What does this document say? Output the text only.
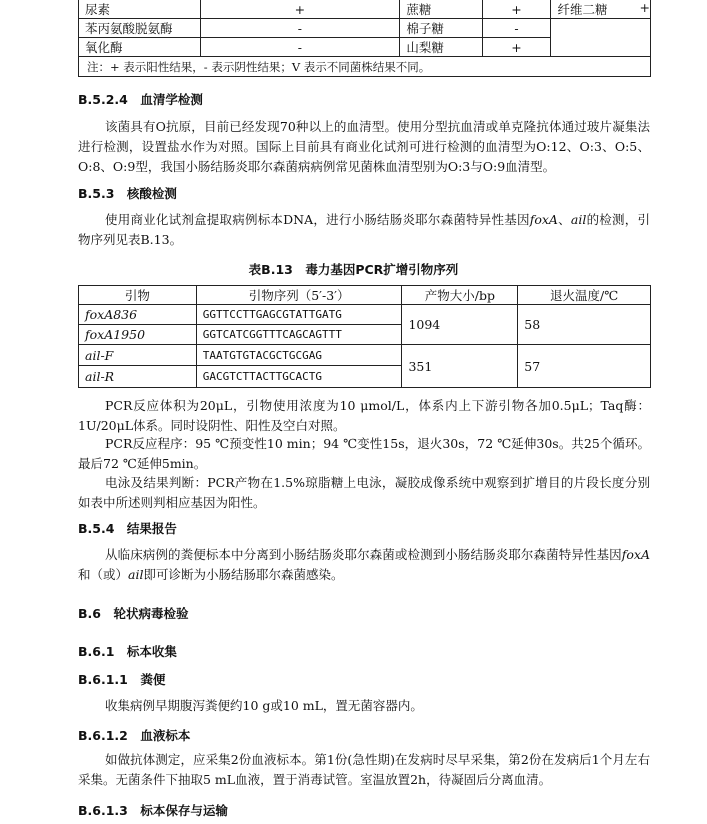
尿素	+	蔗糖	+	纤维二糖 +

苯丙氨酸脱氨酶	-	棉子糖	-	
氧化酶	-	山梨糖	+	
注：+ 表示阳性结果，- 表示阴性结果；V 表示不同菌株结果不同。				
B.5.2.4　血清学检测
该菌具有O抗原，目前已经发现70种以上的血清型。使用分型抗血清或单克隆抗体通过玻片凝集法进行检测，设置盐水作为对照。国际上目前具有商业化试剂可进行检测的血清型为O:12、O:3、O:5、O:8、O:9型，我国小肠结肠炎耶尔森菌病病例常见菌株血清型别为O:3与O:9血清型。
B.5.3　核酸检测
使用商业化试剂盒提取病例标本DNA，进行小肠结肠炎耶尔森菌特异性基因foxA、ail的检测，引物序列见表B.13。
表B.13　毒力基因PCR扩增引物序列
引物	引物序列（5′-3′）	产物大小/bp	退火温度/℃
foxA836	GGTTCCTTGAGCGTATTGATG	1094	58
foxA1950	GGTCATCGGTTTCAGCAGTTT		
ail-F	TAATGTGTACGCTGCGAG	351	57
ail-R	GACGTCTTACTTGCACTG		
PCR反应体积为20μL，引物使用浓度为10 μmol/L，体系内上下游引物各加0.5μL；Taq酶：1U/20μL体系。同时设阴性、阳性及空白对照。
PCR反应程序：95 ℃预变性10 min；94 ℃变性15s，退火30s，72 ℃延伸30s。共25个循环。最后72 ℃延伸5min。
电泳及结果判断：PCR产物在1.5%琼脂糖上电泳，凝胶成像系统中观察到扩增目的片段长度分别如表中所述则判相应基因为阳性。
B.5.4　结果报告
从临床病例的粪便标本中分离到小肠结肠炎耶尔森菌或检测到小肠结肠炎耶尔森菌特异性基因foxA和（或）ail即可诊断为小肠结肠耶尔森菌感染。
B.6　轮状病毒检验
B.6.1　标本收集
B.6.1.1　粪便
收集病例早期腹泻粪便约10 g或10 mL，置无菌容器内。
B.6.1.2　血液标本
如做抗体测定，应采集2份血液标本。第1份(急性期)在发病时尽早采集，第2份在发病后1个月左右采集。无菌条件下抽取5 mL血液，置于消毒试管。室温放置2h，待凝固后分离血清。
B.6.1.3　标本保存与运输
